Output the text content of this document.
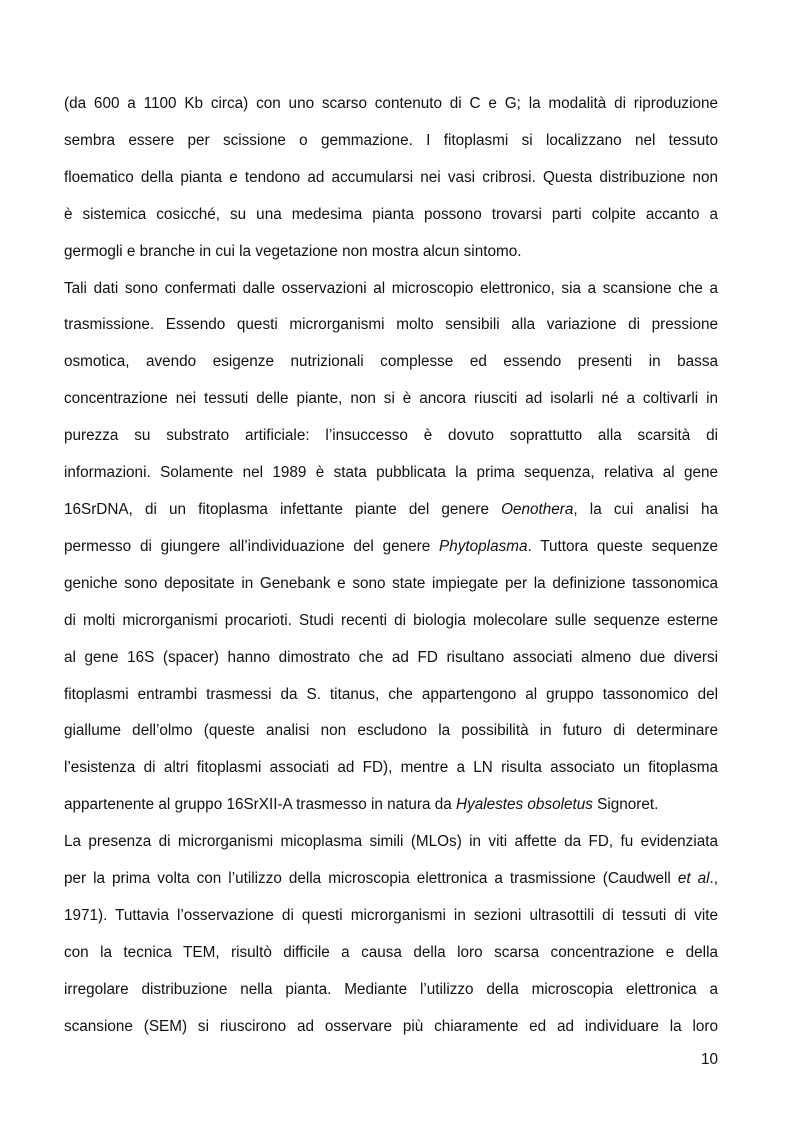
(da 600 a 1100 Kb circa) con uno scarso contenuto di C e G; la modalità di riproduzione
sembra essere per scissione o gemmazione. I fitoplasmi si localizzano nel tessuto
floematico della pianta e tendono ad accumularsi nei vasi cribrosi. Questa distribuzione non
è sistemica cosicché, su una medesima pianta possono trovarsi parti colpite accanto a
germogli e branche in cui la vegetazione non mostra alcun sintomo.
Tali dati sono confermati dalle osservazioni al microscopio elettronico, sia a scansione che a
trasmissione. Essendo questi microrganismi molto sensibili alla variazione di pressione
osmotica, avendo esigenze nutrizionali complesse ed essendo presenti in bassa
concentrazione nei tessuti delle piante, non si è ancora riusciti ad isolarli né a coltivarli in
purezza su substrato artificiale: l’insuccesso è dovuto soprattutto alla scarsità di
informazioni. Solamente nel 1989 è stata pubblicata la prima sequenza, relativa al gene
16SrDNA, di un fitoplasma infettante piante del genere Oenothera, la cui analisi ha
permesso di giungere all’individuazione del genere Phytoplasma. Tuttora queste sequenze
geniche sono depositate in Genebank e sono state impiegate per la definizione tassonomica
di molti microrganismi procarioti. Studi recenti di biologia molecolare sulle sequenze esterne
al gene 16S (spacer) hanno dimostrato che ad FD risultano associati almeno due diversi
fitoplasmi entrambi trasmessi da S. titanus, che appartengono al gruppo tassonomico del
giallume dell’olmo (queste analisi non escludono la possibilità in futuro di determinare
l’esistenza di altri fitoplasmi associati ad FD), mentre a LN risulta associato un fitoplasma
appartenente al gruppo 16SrXII-A trasmesso in natura da Hyalestes obsoletus Signoret.
La presenza di microrganismi micoplasma simili (MLOs) in viti affette da FD, fu evidenziata
per la prima volta con l’utilizzo della microscopia elettronica a trasmissione (Caudwell et al.,
1971). Tuttavia l’osservazione di questi microrganismi in sezioni ultrasottili di tessuti di vite
con la tecnica TEM, risultò difficile a causa della loro scarsa concentrazione e della
irregolare distribuzione nella pianta. Mediante l’utilizzo della microscopia elettronica a
scansione (SEM) si riuscirono ad osservare più chiaramente ed ad individuare la loro
10
